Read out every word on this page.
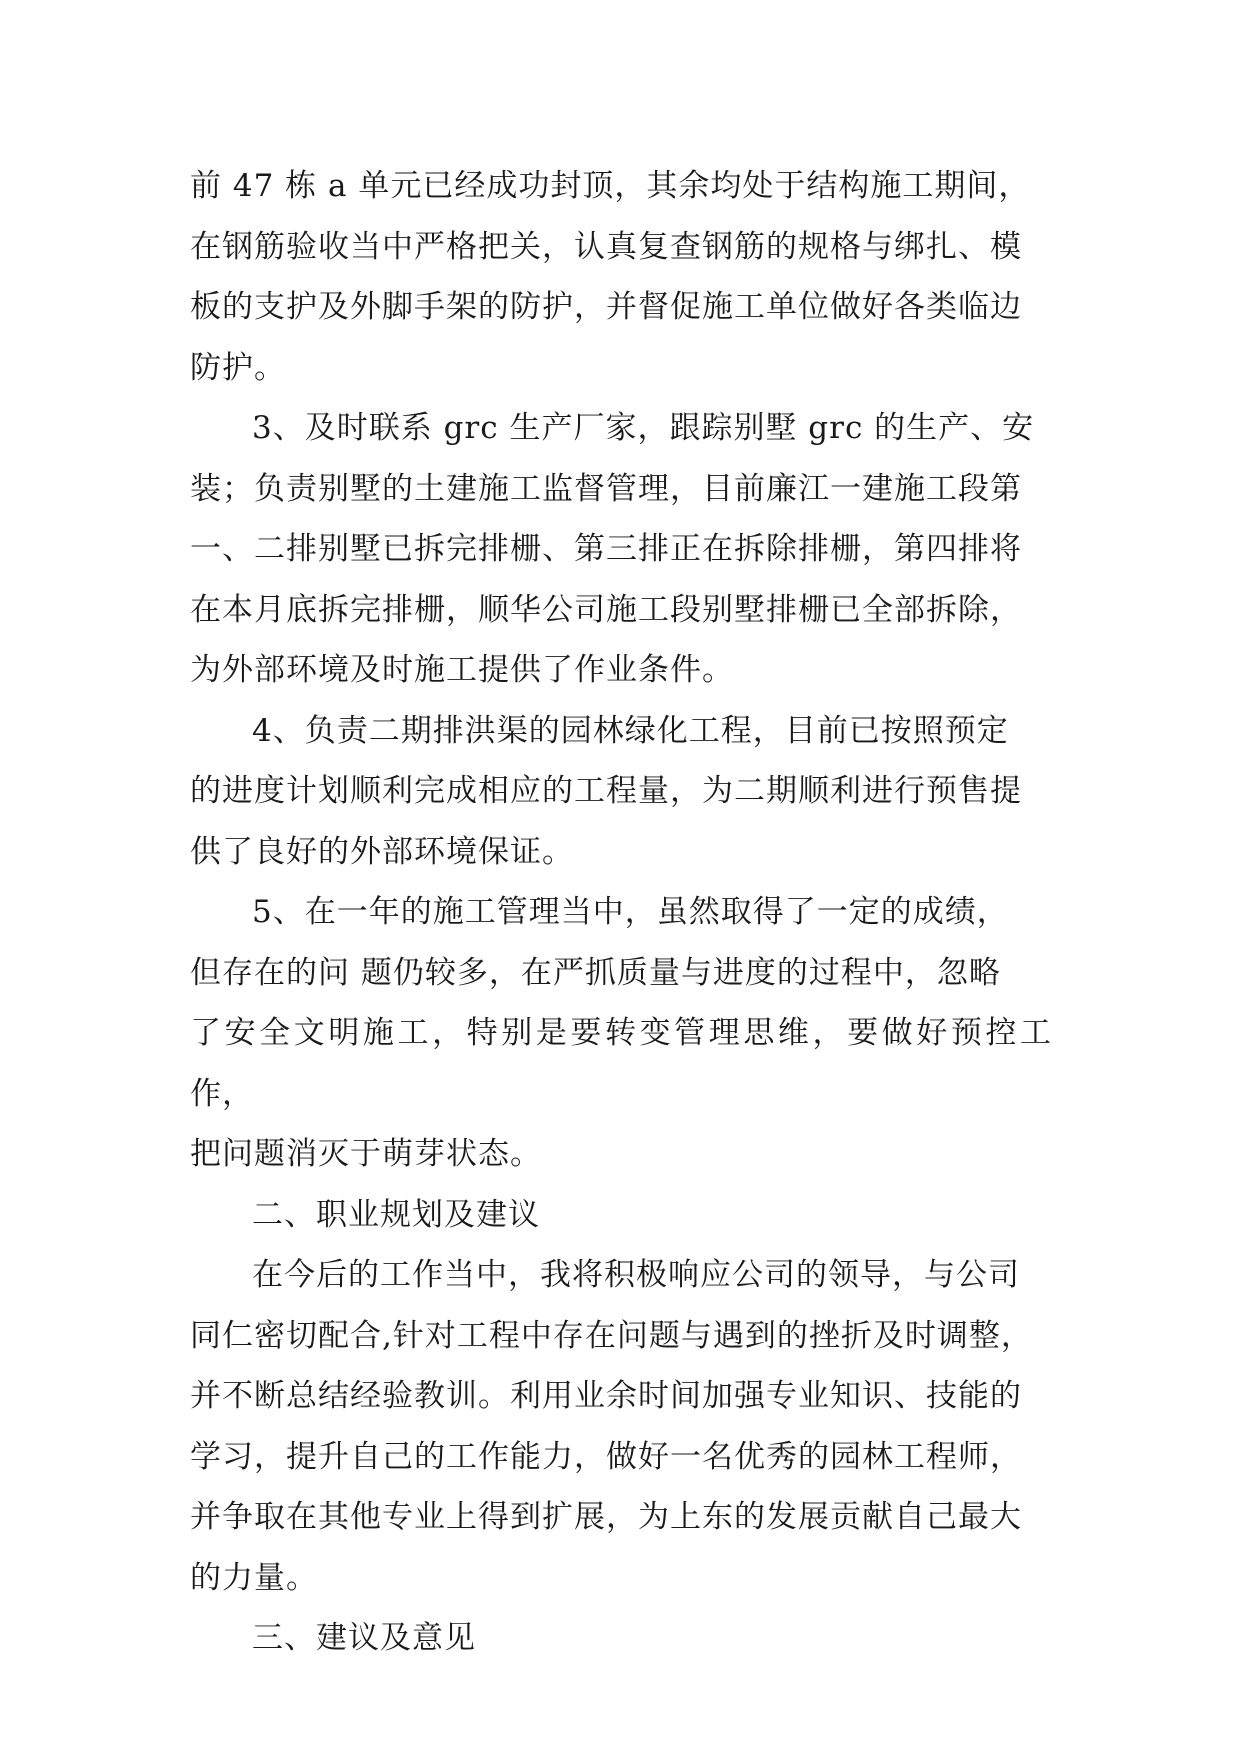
前 47 栋 a 单元已经成功封顶，其余均处于结构施工期间，
在钢筋验收当中严格把关，认真复查钢筋的规格与绑扎、模
板的支护及外脚手架的防护，并督促施工单位做好各类临边
防护。
3、及时联系 grc 生产厂家，跟踪别墅 grc 的生产、安
装；负责别墅的土建施工监督管理，目前廉江一建施工段第
一、二排别墅已拆完排栅、第三排正在拆除排栅，第四排将
在本月底拆完排栅，顺华公司施工段别墅排栅已全部拆除，
为外部环境及时施工提供了作业条件。
4、负责二期排洪渠的园林绿化工程，目前已按照预定
的进度计划顺利完成相应的工程量，为二期顺利进行预售提
供了良好的外部环境保证。
5、在一年的施工管理当中，虽然取得了一定的成绩，
但存在的问 题仍较多，在严抓质量与进度的过程中，忽略
了安全文明施工，特别是要转变管理思维，要做好预控工作，
把问题消灭于萌芽状态。
二、职业规划及建议
在今后的工作当中，我将积极响应公司的领导，与公司
同仁密切配合,针对工程中存在问题与遇到的挫折及时调整，
并不断总结经验教训。利用业余时间加强专业知识、技能的
学习，提升自己的工作能力，做好一名优秀的园林工程师，
并争取在其他专业上得到扩展，为上东的发展贡献自己最大
的力量。
三、建议及意见
